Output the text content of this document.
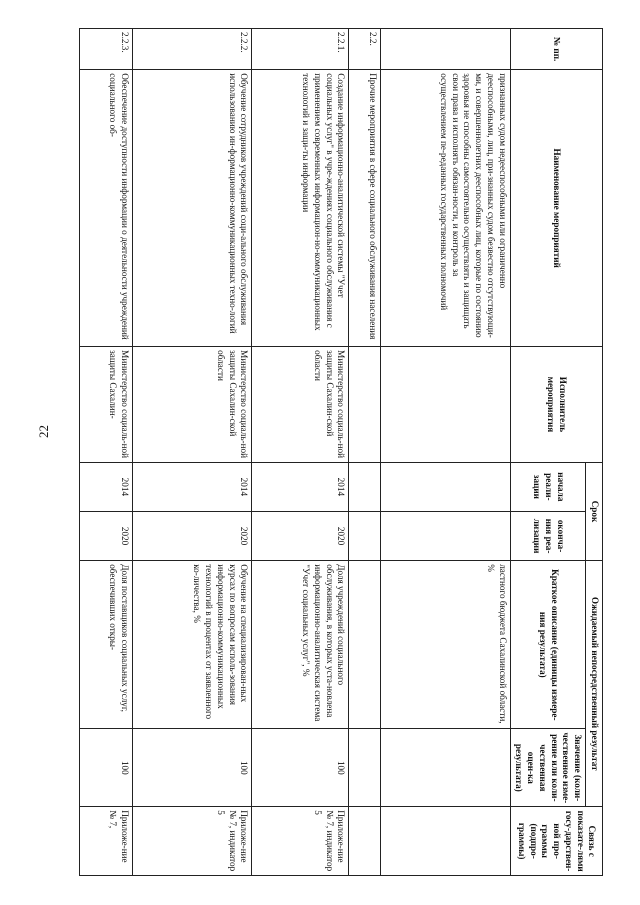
22
№ пп.	Наименование мероприятий	Исполнитель мероприятия	Срок		Ожидаемый непосредственный результат		Связь с показате-лями госу-дарствен-ной про-граммы (подпро-граммы)
			начала реали-зации	оконча-ния реа-лизации	Краткое описание (единицы измере-ния результата)	Значение (коли-чественное изме-рение или коли-чественная оцен-ка результата)	
	признанных судом недееспособными или ограниченно дееспособными, лиц, при-знанных судом безвестно отсутствующи-ми, и совершеннолетних дееспособных лиц, которые по состоянию здоровья не способны самостоятельно осуществлять и защищать свои права и исполнять обязан-ности, и контроль за осуществлением пе-реданных государственных полномочий				ластного бюджета Сахалинской области, %		
2.2.	Прочие мероприятия в сфере социального обслуживания населения						
2.2.1.	Создание информационно-аналитической системы "Учет социальных услуг" в учре-ждениях социального обслуживания с применением современных информацион-но-коммуникационных технологий и защи-ты информации	Министерство социаль-ной защиты Сахалин-ской области	2014	2020	Доля учреждений социального обслуживания, в которых уста-новлена информационно-аналитическая система "Учет социальных услуг", %	100	Приложе-ние № 7, индикатор 5
2.2.2.	Обучение сотрудников учреждений соци-ального обслуживания использованию ин-формационно-коммуникационных техно-логий	Министерство социаль-ной защиты Сахалин-ской области	2014	2020	Обучение на специализирован-ных курсах по вопросам исполь-зования информационно-коммуникационных технологий в процентах от заявленного ко-личества, %	100	Приложе-ние № 7, индикатор 5
2.2.3.	Обеспечение доступности информации о деятельности учреждений социального об-	Министерство социаль-ной защиты Сахалин-	2014	2020	Доля поставщиков социальных услуг, обеспечивших откры-	100	Приложе-ние № 7,
